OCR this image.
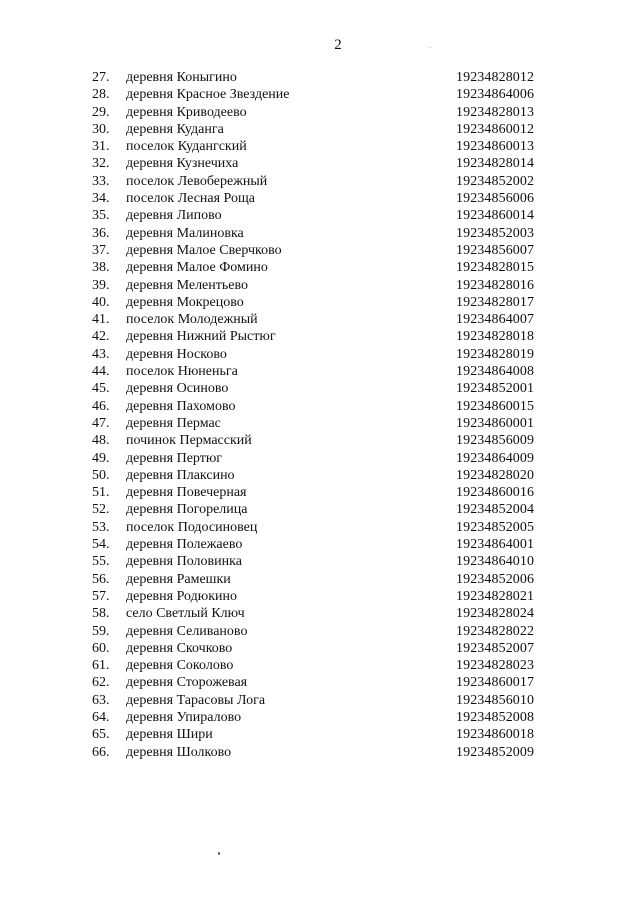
2
27. деревня Коныгино	19234828012
28. деревня Красное Звездение	19234864006
29. деревня Криводеево	19234828013
30. деревня Куданга	19234860012
31. поселок Кудангский	19234860013
32. деревня Кузнечиха	19234828014
33. поселок Левобережный	19234852002
34. поселок Лесная Роща	19234856006
35. деревня Липово	19234860014
36. деревня Малиновка	19234852003
37. деревня Малое Сверчково	19234856007
38. деревня Малое Фомино	19234828015
39. деревня Мелентьево	19234828016
40. деревня Мокрецово	19234828017
41. поселок Молодежный	19234864007
42. деревня Нижний Рыстюг	19234828018
43. деревня Носково	19234828019
44. поселок Нюненьга	19234864008
45. деревня Осиново	19234852001
46. деревня Пахомово	19234860015
47. деревня Пермас	19234860001
48. починок Пермасский	19234856009
49. деревня Пертюг	19234864009
50. деревня Плаксино	19234828020
51. деревня Повечерная	19234860016
52. деревня Погорелица	19234852004
53. поселок Подосиновец	19234852005
54. деревня Полежаево	19234864001
55. деревня Половинка	19234864010
56. деревня Рамешки	19234852006
57. деревня Родюкино	19234828021
58. село Светлый Ключ	19234828024
59. деревня Селиваново	19234828022
60. деревня Скочково	19234852007
61. деревня Соколово	19234828023
62. деревня Сторожевая	19234860017
63. деревня Тарасовы Лога	19234856010
64. деревня Упиралово	19234852008
65. деревня Шири	19234860018
66. деревня Шолково	19234852009
